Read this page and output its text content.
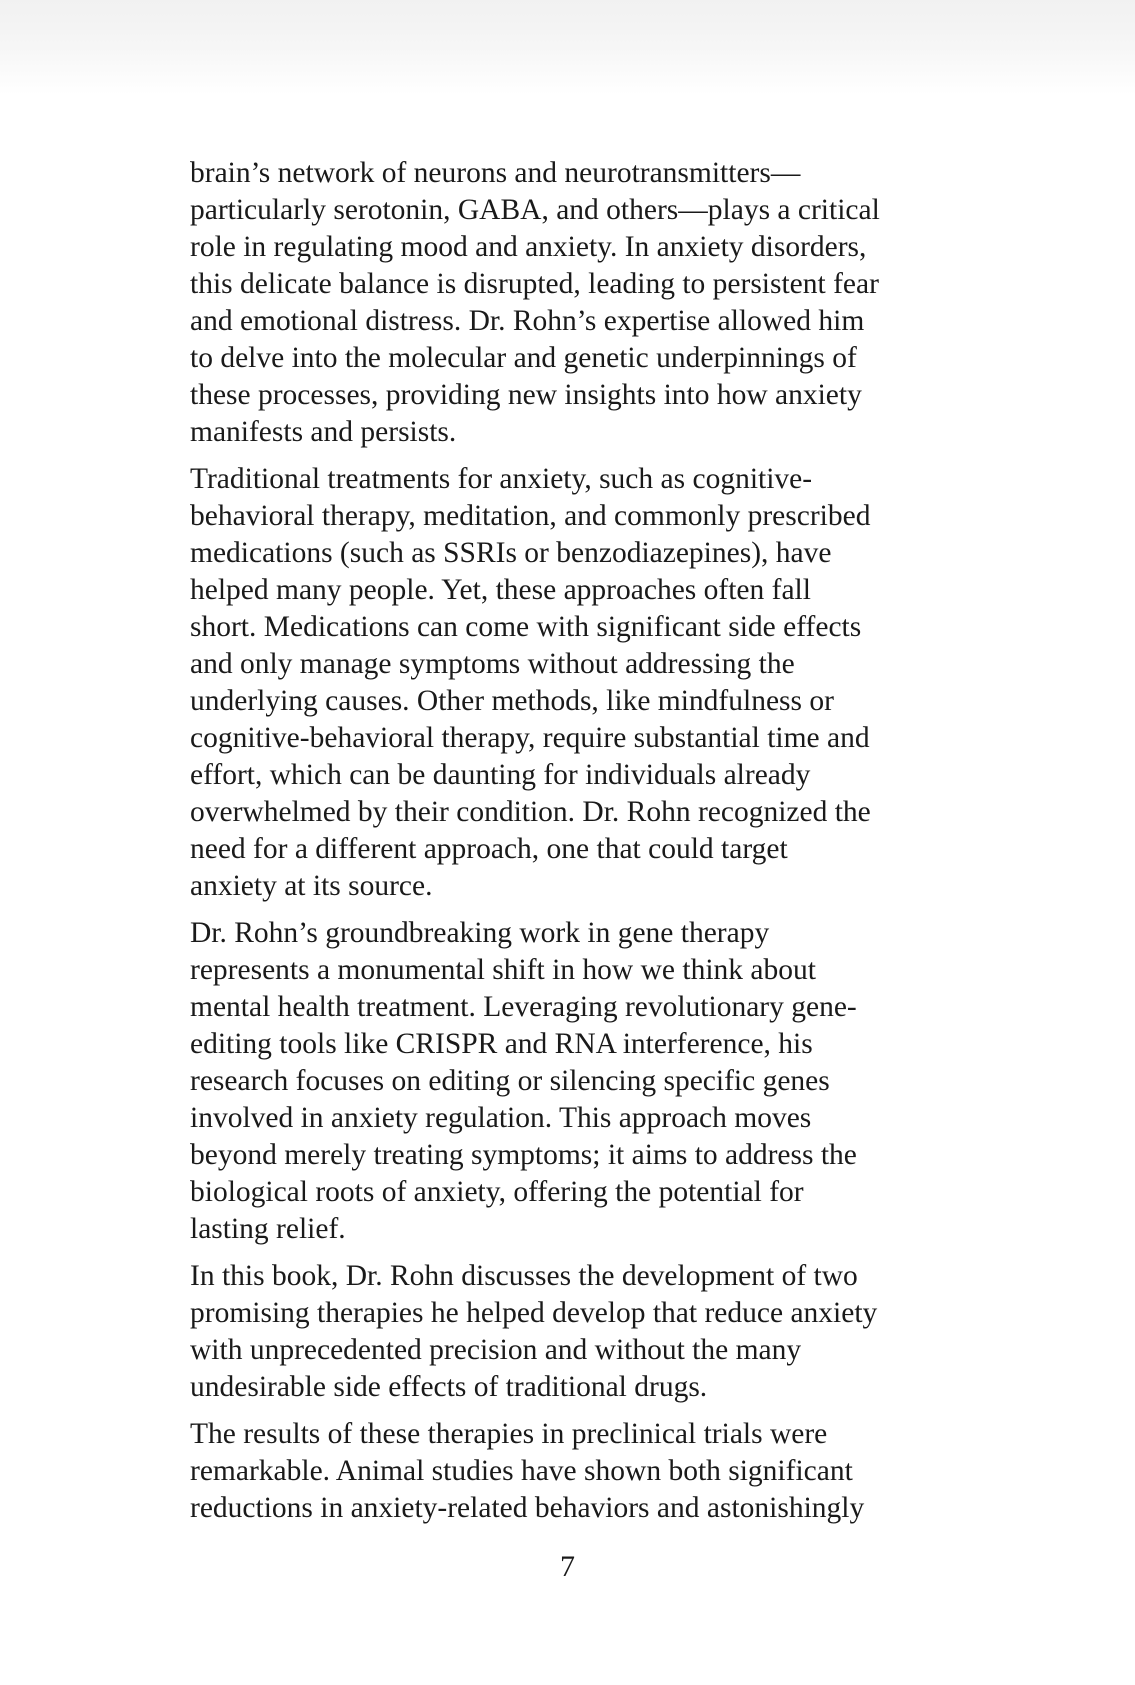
brain’s network of neurons and neurotransmitters—
particularly serotonin, GABA, and others—plays a critical
role in regulating mood and anxiety. In anxiety disorders,
this delicate balance is disrupted, leading to persistent fear
and emotional distress. Dr. Rohn’s expertise allowed him
to delve into the molecular and genetic underpinnings of
these processes, providing new insights into how anxiety
manifests and persists.

Traditional treatments for anxiety, such as cognitive-
behavioral therapy, meditation, and commonly prescribed
medications (such as SSRIs or benzodiazepines), have
helped many people. Yet, these approaches often fall
short. Medications can come with significant side effects
and only manage symptoms without addressing the
underlying causes. Other methods, like mindfulness or
cognitive-behavioral therapy, require substantial time and
effort, which can be daunting for individuals already
overwhelmed by their condition. Dr. Rohn recognized the
need for a different approach, one that could target
anxiety at its source.

Dr. Rohn’s groundbreaking work in gene therapy
represents a monumental shift in how we think about
mental health treatment. Leveraging revolutionary gene-
editing tools like CRISPR and RNA interference, his
research focuses on editing or silencing specific genes
involved in anxiety regulation. This approach moves
beyond merely treating symptoms; it aims to address the
biological roots of anxiety, offering the potential for
lasting relief.

In this book, Dr. Rohn discusses the development of two
promising therapies he helped develop that reduce anxiety
with unprecedented precision and without the many
undesirable side effects of traditional drugs.

The results of these therapies in preclinical trials were
remarkable. Animal studies have shown both significant
reductions in anxiety-related behaviors and astonishingly

7
